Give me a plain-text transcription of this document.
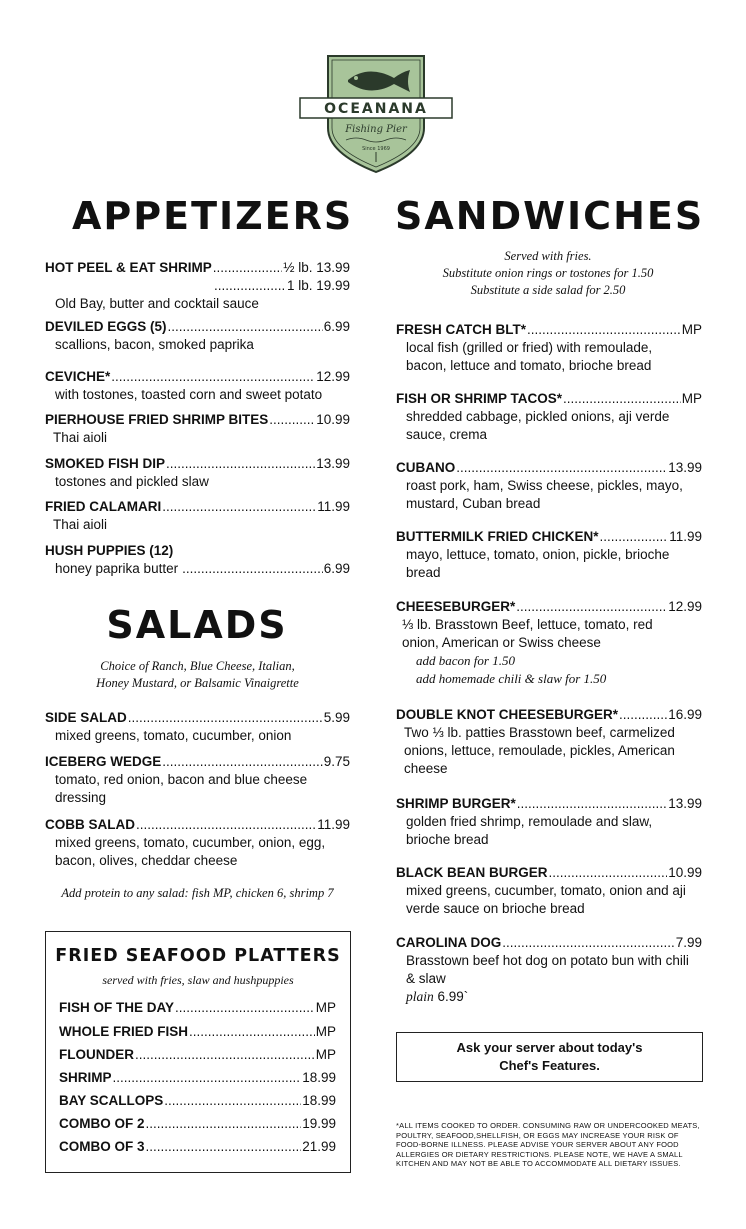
OCEANANA
Fishing Pier
Since 1969
APPETIZERS
HOT PEEL & EAT SHRIMP .....	½ lb. 13.99
.....
1 lb. 19.99
Old Bay, butter and cocktail sauce
DEVILED EGGS (5) .....	6.99
scallions, bacon, smoked paprika
CEVICHE* .....	12.99
with tostones, toasted corn and sweet potato
PIERHOUSE FRIED SHRIMP BITES .....	10.99
Thai aioli
SMOKED FISH DIP .....	13.99
tostones and pickled slaw
FRIED CALAMARI .....	11.99
Thai aioli
HUSH PUPPIES (12)
honey paprika butter .....	6.99
SALADS
Choice of Ranch, Blue Cheese, Italian,
Honey Mustard, or Balsamic Vinaigrette
SIDE SALAD .....	5.99
mixed greens, tomato, cucumber, onion
ICEBERG WEDGE .....	9.75
tomato, red onion, bacon and blue cheese dressing
COBB SALAD .....	11.99
mixed greens, tomato, cucumber, onion, egg, bacon, olives, cheddar cheese
Add protein to any salad: fish MP, chicken 6, shrimp 7
FRIED SEAFOOD PLATTERS
served with fries, slaw and hushpuppies
FISH OF THE DAY .....	MP
WHOLE FRIED FISH .....	MP
FLOUNDER .....	MP
SHRIMP .....	18.99
BAY SCALLOPS .....	18.99
COMBO OF 2 .....	19.99
COMBO OF 3 .....	21.99
SANDWICHES
Served with fries.
Substitute onion rings or tostones for 1.50
Substitute a side salad for 2.50
FRESH CATCH BLT* .....	MP
local fish (grilled or fried) with remoulade, bacon, lettuce and tomato, brioche bread
FISH OR SHRIMP TACOS* .....	MP
shredded cabbage, pickled onions, aji verde sauce, crema
CUBANO .....	13.99
roast pork, ham, Swiss cheese, pickles, mayo, mustard, Cuban bread
BUTTERMILK FRIED CHICKEN* .....	11.99
mayo, lettuce, tomato, onion, pickle, brioche bread
CHEESEBURGER* .....	12.99
⅓ lb. Brasstown Beef, lettuce, tomato, red onion, American or Swiss cheese
add bacon for 1.50
add homemade chili & slaw for 1.50
DOUBLE KNOT CHEESEBURGER* .....	16.99
Two ⅓ lb. patties Brasstown beef, carmelized onions, lettuce, remoulade, pickles, American cheese
SHRIMP BURGER* .....	13.99
golden fried shrimp, remoulade and slaw, brioche bread
BLACK BEAN BURGER .....	10.99
mixed greens, cucumber, tomato, onion and aji verde sauce on brioche bread
CAROLINA DOG .....	7.99
Brasstown beef hot dog on potato bun with chili & slaw
plain 6.99`
Ask your server about today's
Chef's Features.
*ALL ITEMS COOKED TO ORDER. CONSUMING RAW OR UNDERCOOKED MEATS, POULTRY, SEAFOOD,SHELLFISH, OR EGGS MAY INCREASE YOUR RISK OF FOOD-BORNE ILLNESS. PLEASE ADVISE YOUR SERVER ABOUT ANY FOOD ALLERGIES OR DIETARY RESTRICTIONS. PLEASE NOTE, WE HAVE A SMALL KITCHEN AND MAY NOT BE ABLE TO ACCOMMODATE ALL DIETARY ISSUES.
